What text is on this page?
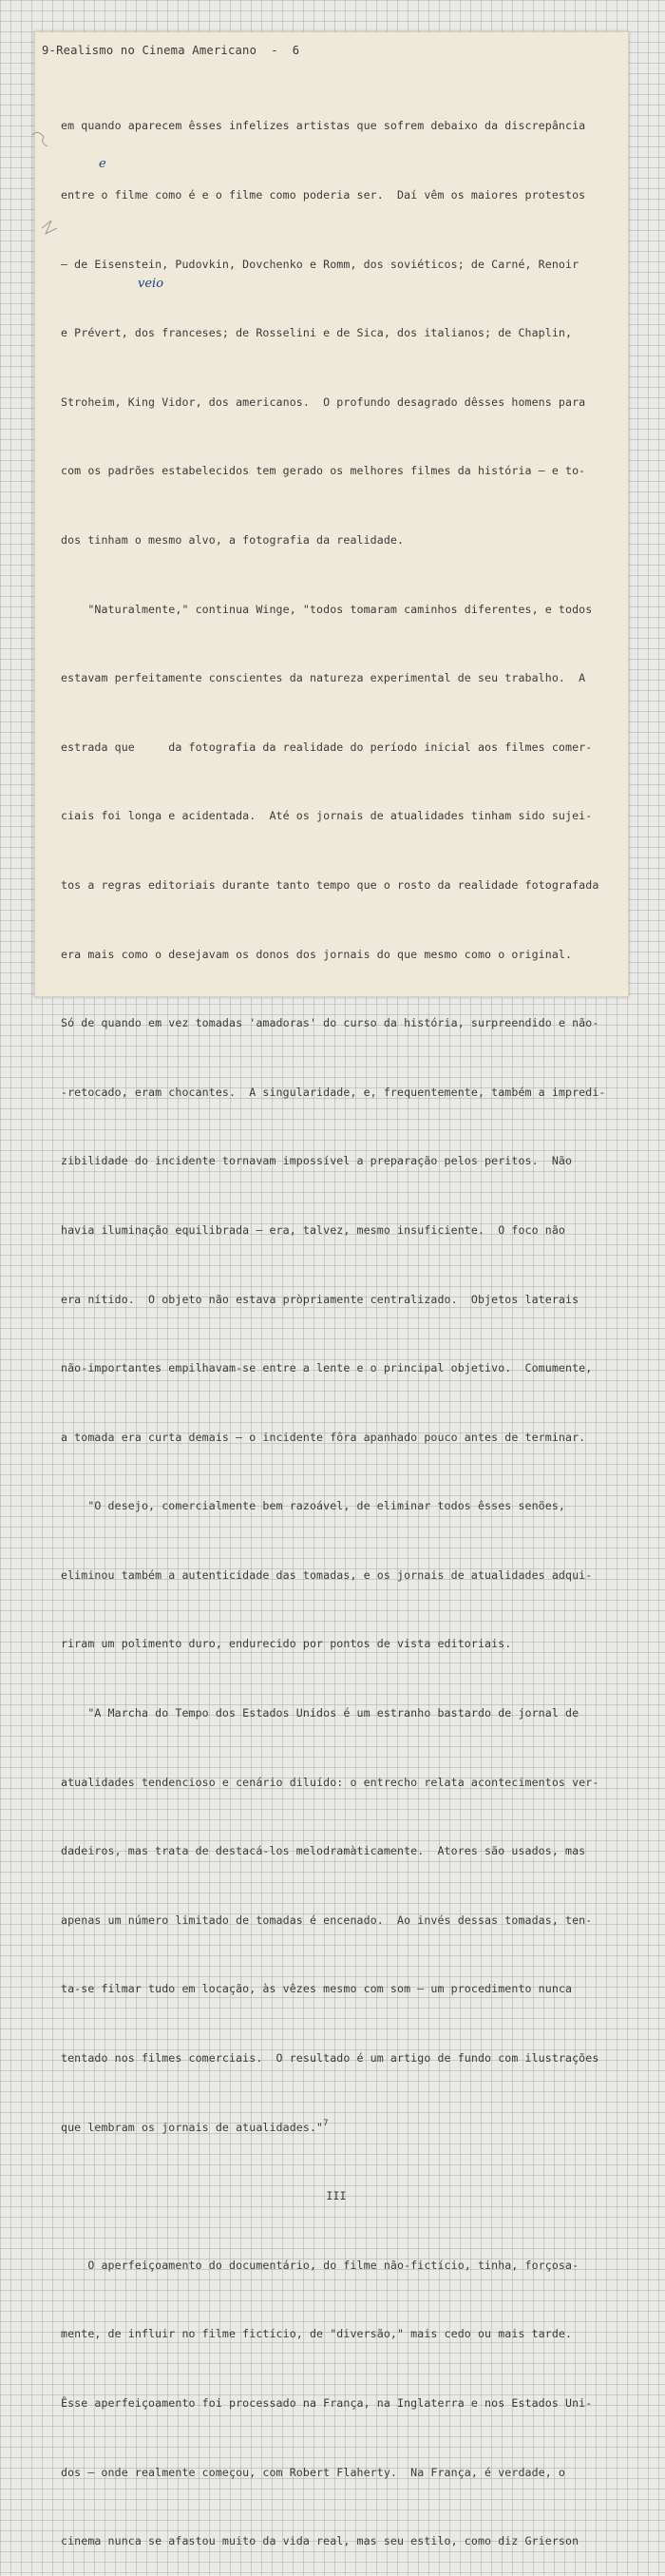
9-Realismo no Cinema Americano  -  6

em quando aparecem êsses infelizes artistas que sofrem debaixo da discrepância

entre o filme como é e o filme como poderia ser.  Daí vêm os maiores protestos

— de Eisenstein, Pudovkin, Dovchenko e Romm, dos soviéticos; de Carné, Renoir

e Prévert, dos franceses; de Rosselini e de Sica, dos italianos; de Chaplin,

Stroheim, King Vidor, dos americanos.  O profundo desagrado dêsses homens para

com os padrões estabelecidos tem gerado os melhores filmes da história — e to-

dos tinham o mesmo alvo, a fotografia da realidade.

"Naturalmente," continua Winge, "todos tomaram caminhos diferentes, e todos

estavam perfeitamente conscientes da natureza experimental de seu trabalho.  A

estrada que     da fotografia da realidade do período inicial aos filmes comer-

ciais foi longa e acidentada.  Até os jornais de atualidades tinham sido sujei-

tos a regras editoriais durante tanto tempo que o rosto da realidade fotografada

era mais como o desejavam os donos dos jornais do que mesmo como o original.

Só de quando em vez tomadas 'amadoras' do curso da história, surpreendido e não-

-retocado, eram chocantes.  A singularidade, e, frequentemente, também a impredi-

zibilidade do incidente tornavam impossível a preparação pelos peritos.  Não

havia iluminação equilibrada — era, talvez, mesmo insuficiente.  O foco não

era nítido.  O objeto não estava pròpriamente centralizado.  Objetos laterais

não-importantes empilhavam-se entre a lente e o principal objetivo.  Comumente,

a tomada era curta demais — o incidente fôra apanhado pouco antes de terminar.

"O desejo, comercialmente bem razoável, de eliminar todos êsses senões,

eliminou também a autenticidade das tomadas, e os jornais de atualidades adqui-

riram um polimento duro, endurecido por pontos de vista editoriais.

"A Marcha do Tempo dos Estados Unidos é um estranho bastardo de jornal de

atualidades tendencioso e cenário diluído: o entrecho relata acontecimentos ver-

dadeiros, mas trata de destacá-los melodramàticamente.  Atores são usados, mas

apenas um número limitado de tomadas é encenado.  Ao invés dessas tomadas, ten-

ta-se filmar tudo em locação, às vêzes mesmo com som — um procedimento nunca

tentado nos filmes comerciais.  O resultado é um artigo de fundo com ilustrações

que lembram os jornais de atualidades."$^7$

III

O aperfeiçoamento do documentário, do filme não-fictício, tinha, forçosa-

mente, de influir no filme fictício, de "diversão," mais cedo ou mais tarde.

Êsse aperfeiçoamento foi processado na França, na Inglaterra e nos Estados Uni-

dos — onde realmente começou, com Robert Flaherty.  Na França, é verdade, o

cinema nunca se afastou muito da vida real, mas seu estilo, como diz Grierson

veio
e
